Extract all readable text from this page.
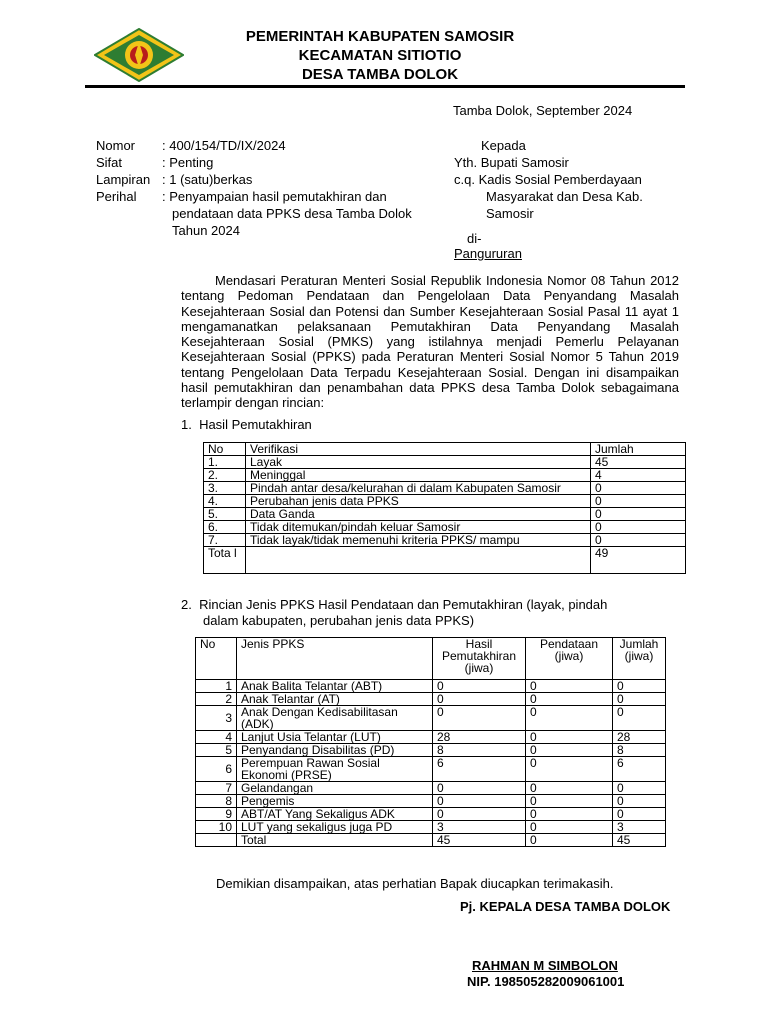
PEMERINTAH KABUPATEN SAMOSIR
KECAMATAN SITIOTIO
DESA TAMBA DOLOK
Tamba Dolok, September 2024
Nomor : 400/154/TD/IX/2024
Sifat	: Penting
Lampiran : 1 (satu)berkas
Perihal : Penyampaian hasil pemutakhiran dan
pendataan data PPKS desa Tamba Dolok
Tahun 2024
Kepada
Yth. Bupati Samosir
c.q. Kadis Sosial Pemberdayaan
Masyarakat dan Desa Kab.
Samosir
di-
Pangururan
Mendasari Peraturan Menteri Sosial Republik Indonesia Nomor 08 Tahun 2012 tentang Pedoman Pendataan dan Pengelolaan Data Penyandang Masalah Kesejahteraan Sosial dan Potensi dan Sumber Kesejahteraan Sosial Pasal 11 ayat 1 mengamanatkan pelaksanaan Pemutakhiran Data Penyandang Masalah Kesejahteraan Sosial (PMKS) yang istilahnya menjadi Pemerlu Pelayanan Kesejahteraan Sosial (PPKS) pada Peraturan Menteri Sosial Nomor 5 Tahun 2019 tentang Pengelolaan Data Terpadu Kesejahteraan Sosial. Dengan ini disampaikan hasil pemutakhiran dan penambahan data PPKS desa Tamba Dolok sebagaimana terlampir dengan rincian:
1.  Hasil Pemutakhiran
No	Verifikasi	Jumlah
1.	Layak	45
2.	Meninggal	4
3.	Pindah antar desa/kelurahan di dalam Kabupaten Samosir	0
4.	Perubahan jenis data PPKS	0
5.	Data Ganda	0
6.	Tidak ditemukan/pindah keluar Samosir	0
7.	Tidak layak/tidak memenuhi kriteria PPKS/ mampu	0
Tota l		49
2.  Rincian Jenis PPKS Hasil Pendataan dan Pemutakhiran (layak, pindah
dalam kabupaten, perubahan jenis data PPKS)
No	Jenis PPKS	Hasil Pemutakhiran (jiwa)	Pendataan (jiwa)	Jumlah (jiwa)
1	Anak Balita Telantar (ABT)	0	0	0
2	Anak Telantar (AT)	0	0	0
3	Anak Dengan Kedisabilitasan (ADK)	0	0	0
4	Lanjut Usia Telantar (LUT)	28	0	28
5	Penyandang Disabilitas (PD)	8	0	8
6	Perempuan Rawan Sosial Ekonomi (PRSE)	6	0	6
7	Gelandangan	0	0	0
8	Pengemis	0	0	0
9	ABT/AT Yang Sekaligus ADK	0	0	0
10	LUT yang sekaligus juga PD	3	0	3
	Total	45	0	45
Demikian disampaikan, atas perhatian Bapak diucapkan terimakasih.
Pj. KEPALA DESA TAMBA DOLOK
RAHMAN M SIMBOLON
NIP. 198505282009061001
